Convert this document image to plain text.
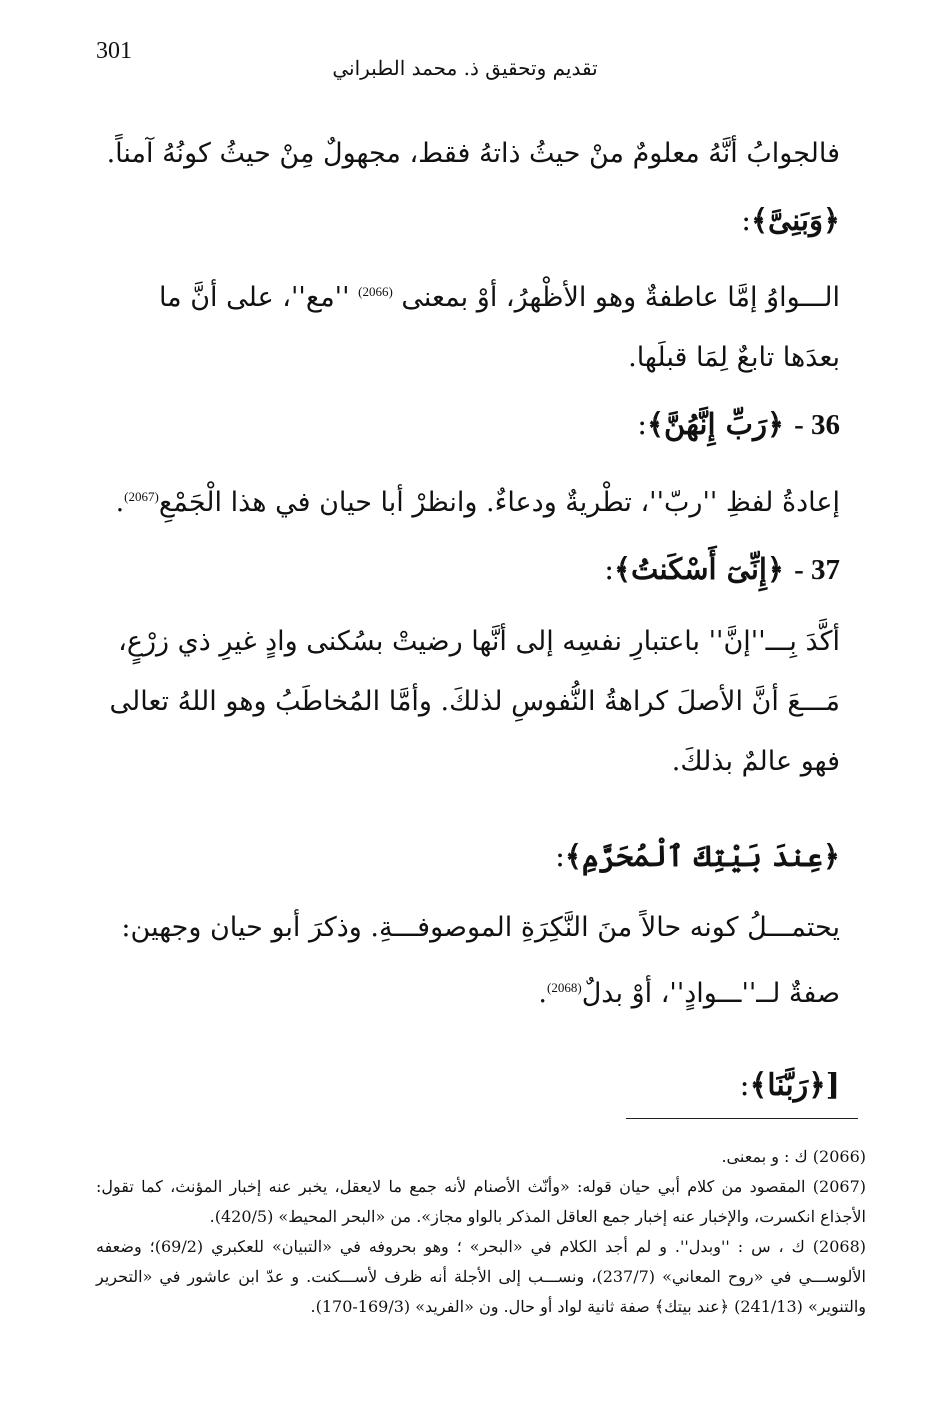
301
تقديم وتحقيق ذ. محمد الطبراني

فالجوابُ أنَّهُ معلومٌ منْ حيثُ ذاتهُ فقط، مجهولٌ مِنْ حيثُ كونُهُ آمناً.

﴿وَبَنِىَّ﴾:

الـــواوُ إمَّا عاطفةٌ وهو الأظْهرُ، أوْ بمعنى $^{(2066)}$ ''مع''، على أنَّ ما بعدَها تابعٌ لِمَا قبلَها.

36 - ﴿رَبِّ إِنَّهُنَّ﴾:

إعادةُ لفظِ ''ربّ''، تطْريةٌ ودعاءٌ. وانظرْ أبا حيان في هذا الْجَمْعِ$^{(2067)}$.

37 - ﴿إِنِّىٓ أَسْكَنتُ﴾:

أكَّدَ بِـــ''إنَّ'' باعتبارِ نفسِه إلى أنَّها رضيتْ بسُكنى وادٍ غيرِ ذي زرْعٍ، مَـــعَ أنَّ الأصلَ كراهةُ النُّفوسِ لذلكَ. وأمَّا المُخاطَبُ وهو اللهُ تعالى فهو عالمٌ بذلكَ.

﴿عِندَ بَيْتِكَ ٱلْمُحَرَّمِ﴾:

يحتمـــلُ كونه حالاً منَ النَّكِرَةِ الموصوفـــةِ. وذكرَ أبو حيان وجهين: صفةٌ لــ''ـــوادٍ''، أوْ بدلٌ$^{(2068)}$.

[﴿رَبَّنَا﴾:

(2066) ك : و بمعنى.

(2067) المقصود من كلام أبي حيان قوله: «وأنّث الأصنام لأنه جمع ما لايعقل، يخبر عنه إخبار المؤنث، كما تقول: الأجذاع انكسرت، والإخبار عنه إخبار جمع العاقل المذكر بالواو مجاز». من «البحر المحيط» (420/5).

(2068) ك ، س : ''وبدل''. و لم أجد الكلام في «البحر» ؛ وهو بحروفه في «التبيان» للعكبري (69/2)؛ وضعفه الألوســـي في «روح المعاني» (237/7)، ونســـب إلى الأجلة أنه ظرف لأســـكنت. و عدّ ابن عاشور في «التحرير والتنوير» (241/13) ﴿عند بيتك﴾ صفة ثانية لواد أو حال. ون «الفريد» (169/3-170).
